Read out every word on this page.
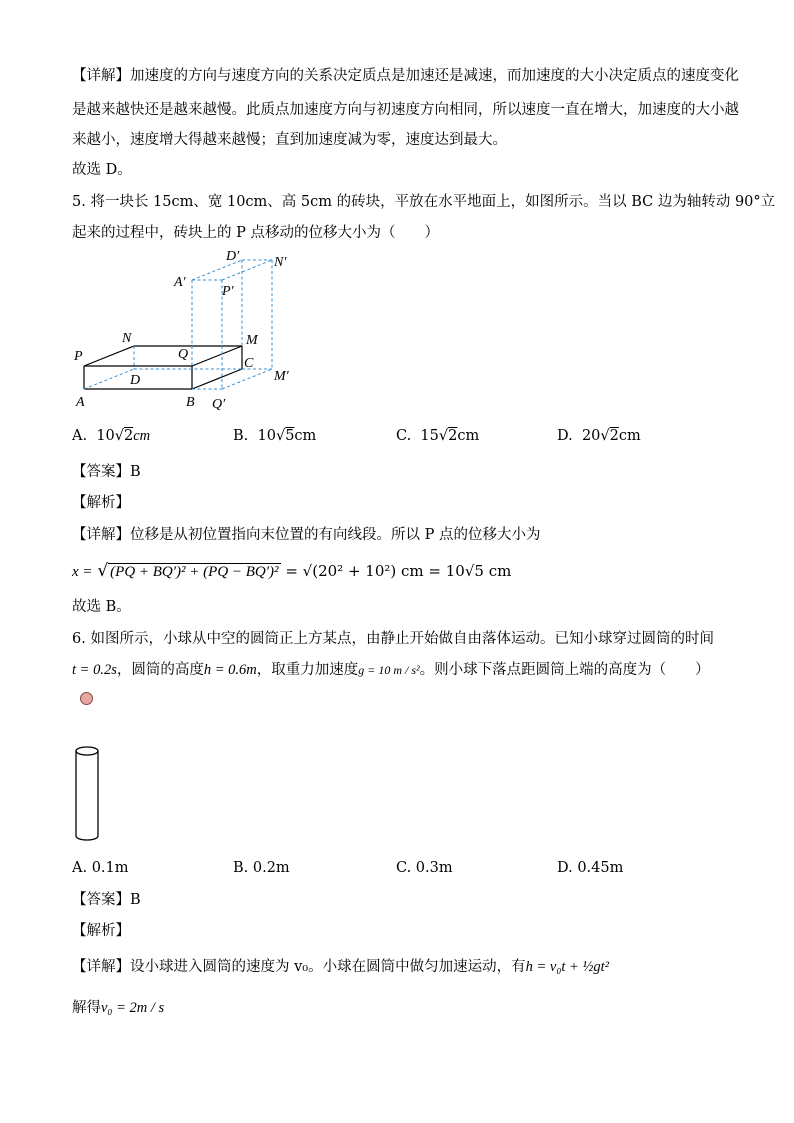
【详解】加速度的方向与速度方向的关系决定质点是加速还是减速，而加速度的大小决定质点的速度变化
是越来越快还是越来越慢。此质点加速度方向与初速度方向相同，所以速度一直在增大，加速度的大小越
来越小，速度增大得越来越慢；直到加速度减为零，速度达到最大。
故选 D。
5. 将一块长 15cm、宽 10cm、高 5cm 的砖块，平放在水平地面上，如图所示。当以 BC 边为轴转动 90°立
起来的过程中，砖块上的 P 点移动的位移大小为（　　）
D′ N′
A′
P′
N	M
P	Q
C
D	M′
A	B Q′
A. 10√2cm	B. 10√5cm	C. 15√2cm	D. 20√2cm
【答案】B
【解析】
【详解】位移是从初位置指向末位置的有向线段。所以 P 点的位移大小为
x = √ (PQ + BQ′)² + (PQ − BQ′)² = √(20² + 10²) cm = 10√5 cm
故选 B。
6. 如图所示，小球从中空的圆筒正上方某点，由静止开始做自由落体运动。已知小球穿过圆筒的时间
t = 0.2s，圆筒的高度h = 0.6m，取重力加速度g = 10 m / s²。则小球下落点距圆筒上端的高度为（　　）
A. 0.1m	B. 0.2m	C. 0.3m	D. 0.45m
【答案】B
【解析】
【详解】设小球进入圆筒的速度为 v₀。小球在圆筒中做匀加速运动，有h = v₀t + ½gt²
解得v₀ = 2m / s
